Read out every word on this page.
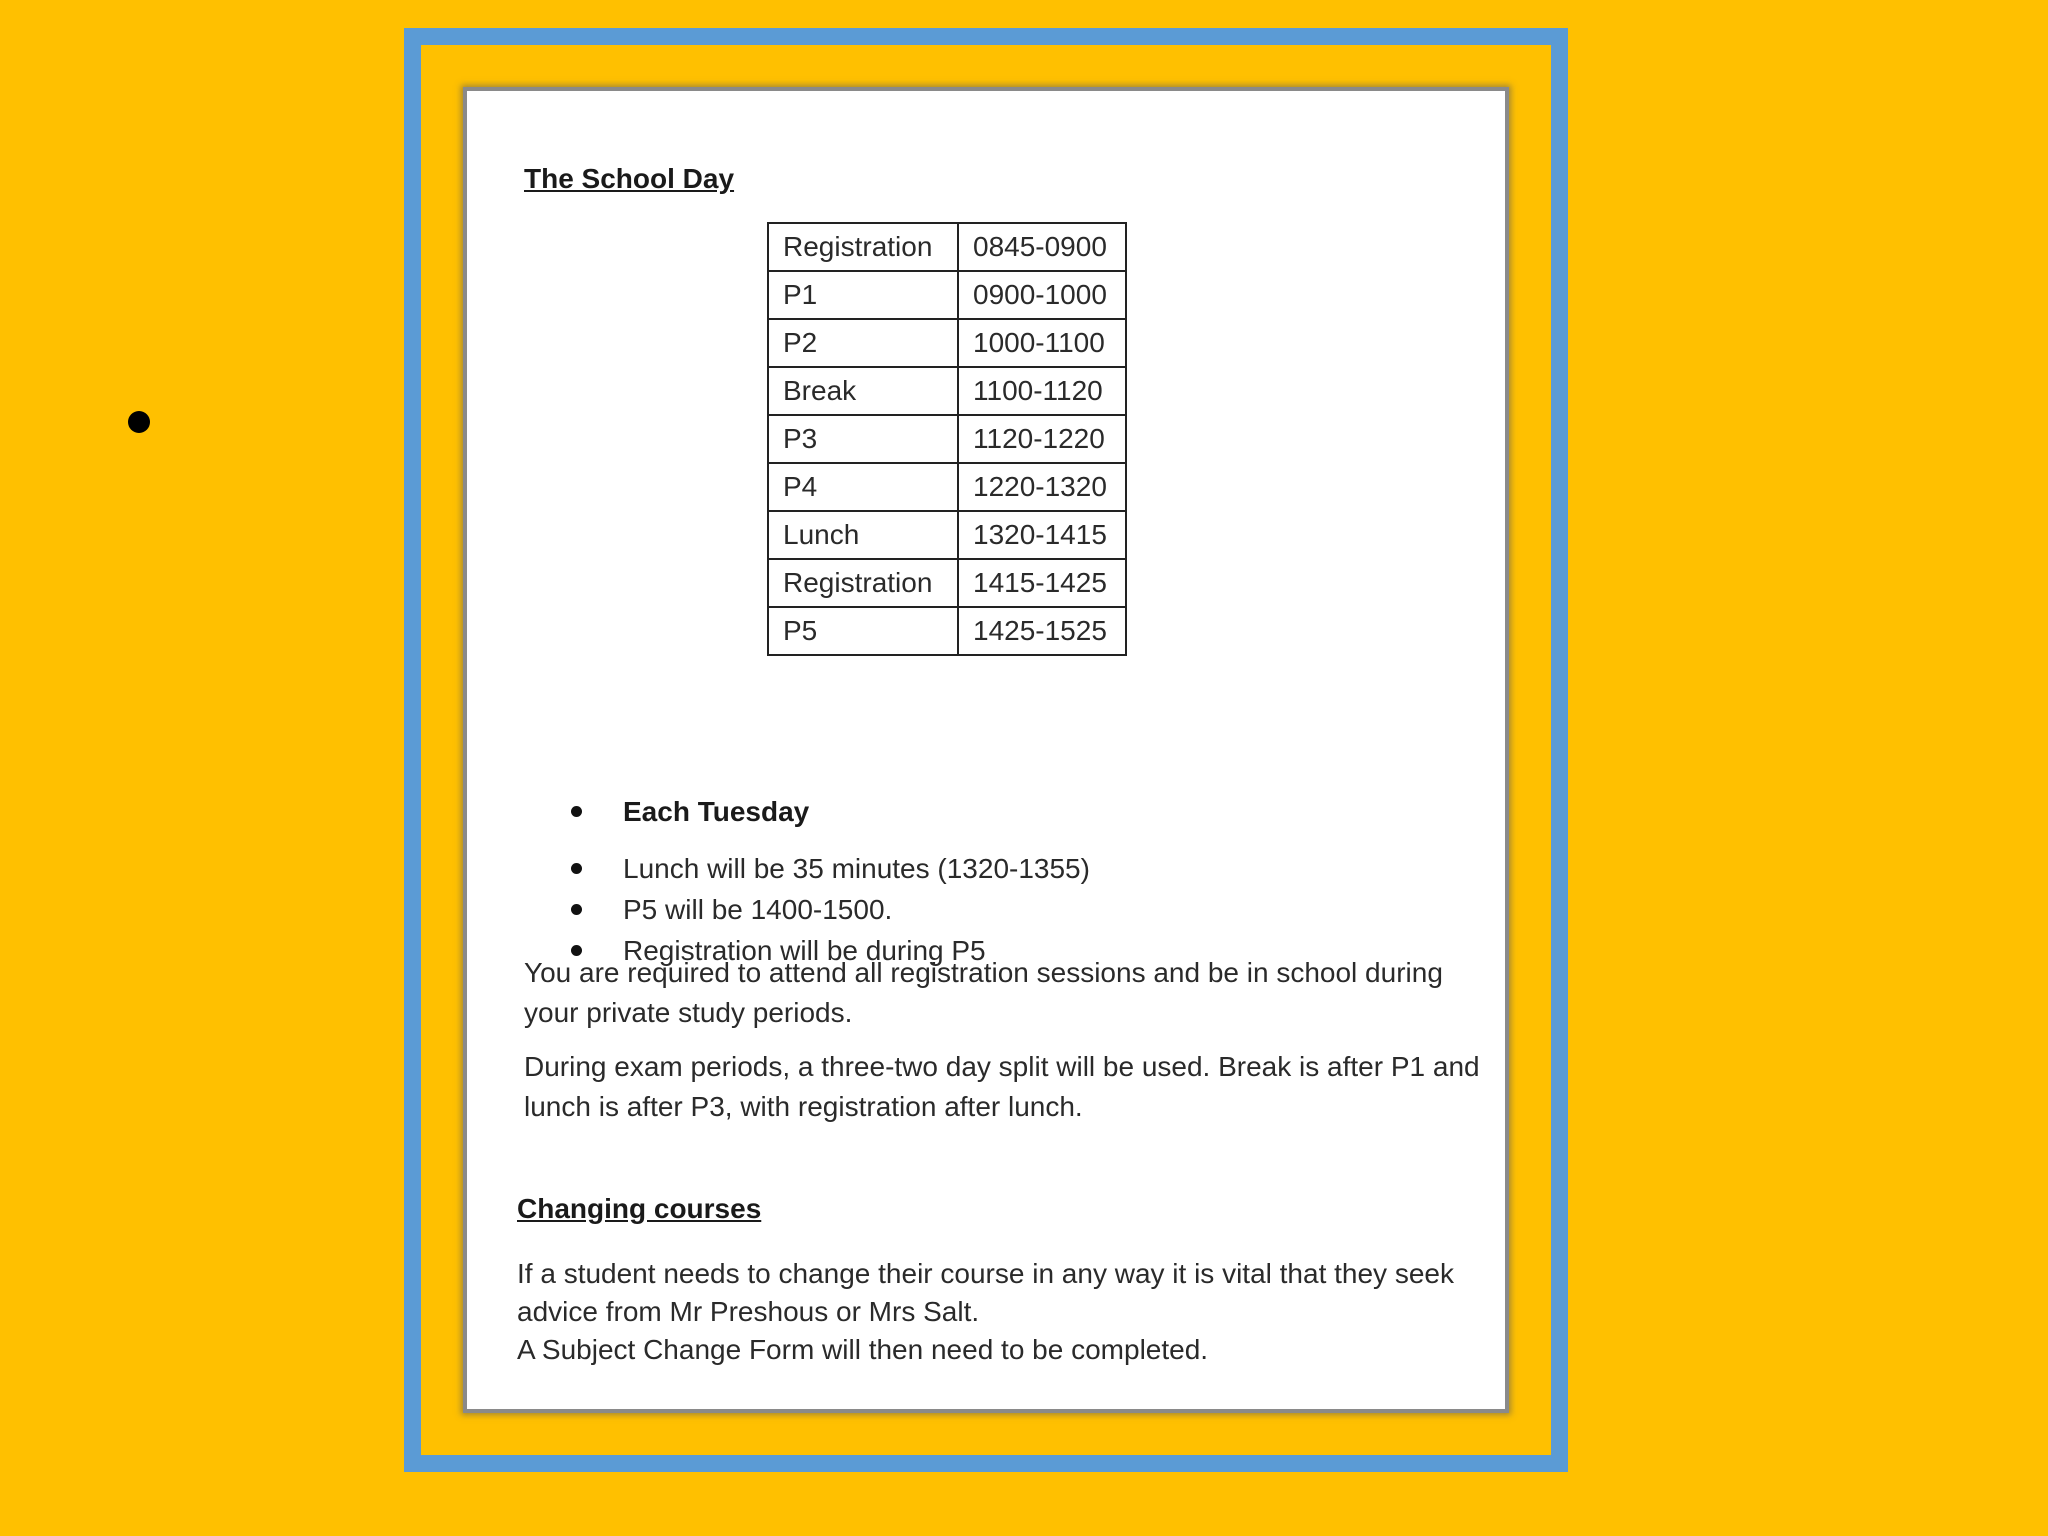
The School Day
Registration	0845-0900
P1	0900-1000
P2	1000-1100
Break	1100-1120
P3	1120-1220
P4	1220-1320
Lunch	1320-1415
Registration	1415-1425
P5	1425-1525
Each Tuesday
Lunch will be 35 minutes (1320-1355)
P5 will be 1400-1500.
Registration will be during P5

You are required to attend all registration sessions and be in school during your private study periods.

During exam periods, a three-two day split will be used. Break is after P1 and lunch is after P3, with registration after lunch.

Changing courses
If a student needs to change their course in any way it is vital that they seek advice from Mr Preshous or Mrs Salt.
A Subject Change Form will then need to be completed.
